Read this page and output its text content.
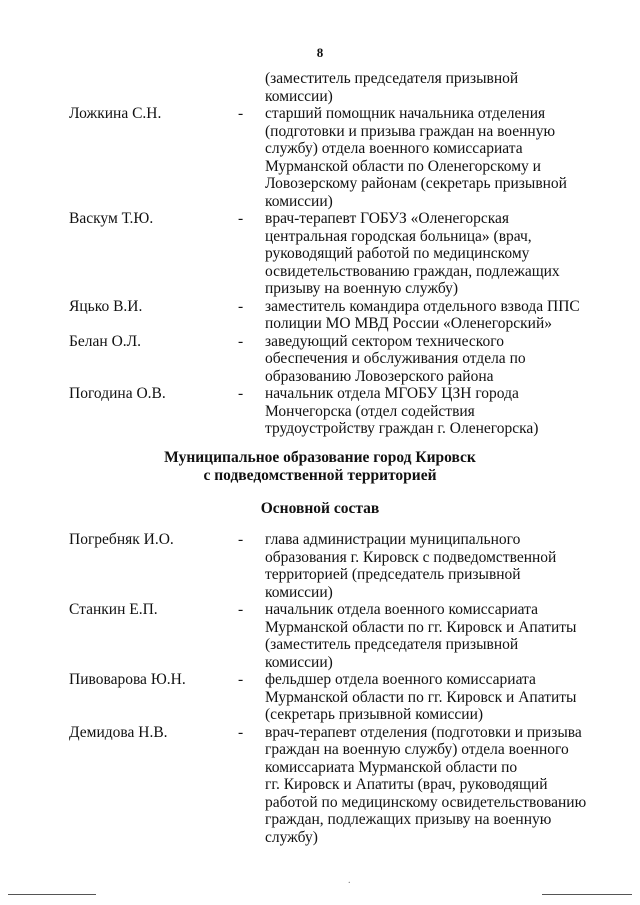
8
(заместитель председателя призывной
комиссии)
Ложкина С.Н.	- старший помощник начальника отделения
(подготовки и призыва граждан на военную
службу) отдела военного комиссариата
Мурманской области по Оленегорскому и
Ловозерскому районам (секретарь призывной
комиссии)
Васкум Т.Ю.	- врач-терапевт ГОБУЗ «Оленегорская
центральная городская больница» (врач,
руководящий работой по медицинскому
освидетельствованию граждан, подлежащих
призыву на военную службу)
Яцько В.И.	- заместитель командира отдельного взвода ППС
полиции МО МВД России «Оленегорский»
Белан О.Л.	- заведующий сектором технического
обеспечения и обслуживания отдела по
образованию Ловозерского района
Погодина О.В.	- начальник отдела МГОБУ ЦЗН города
Мончегорска (отдел содействия
трудоустройству граждан г. Оленегорска)
Муниципальное образование город Кировск
с подведомственной территорией
Основной состав
Погребняк И.О.	- глава администрации муниципального
образования г. Кировск с подведомственной
территорией (председатель призывной
комиссии)
Станкин Е.П.	- начальник отдела военного комиссариата
Мурманской области по гг. Кировск и Апатиты
(заместитель председателя призывной
комиссии)
Пивоварова Ю.Н.	- фельдшер отдела военного комиссариата
Мурманской области по гг. Кировск и Апатиты
(секретарь призывной комиссии)
Демидова Н.В.	- врач-терапевт отделения (подготовки и призыва
граждан на военную службу) отдела военного
комиссариата Мурманской области по
гг. Кировск и Апатиты (врач, руководящий
работой по медицинскому освидетельствованию
граждан, подлежащих призыву на военную
службу)
.
